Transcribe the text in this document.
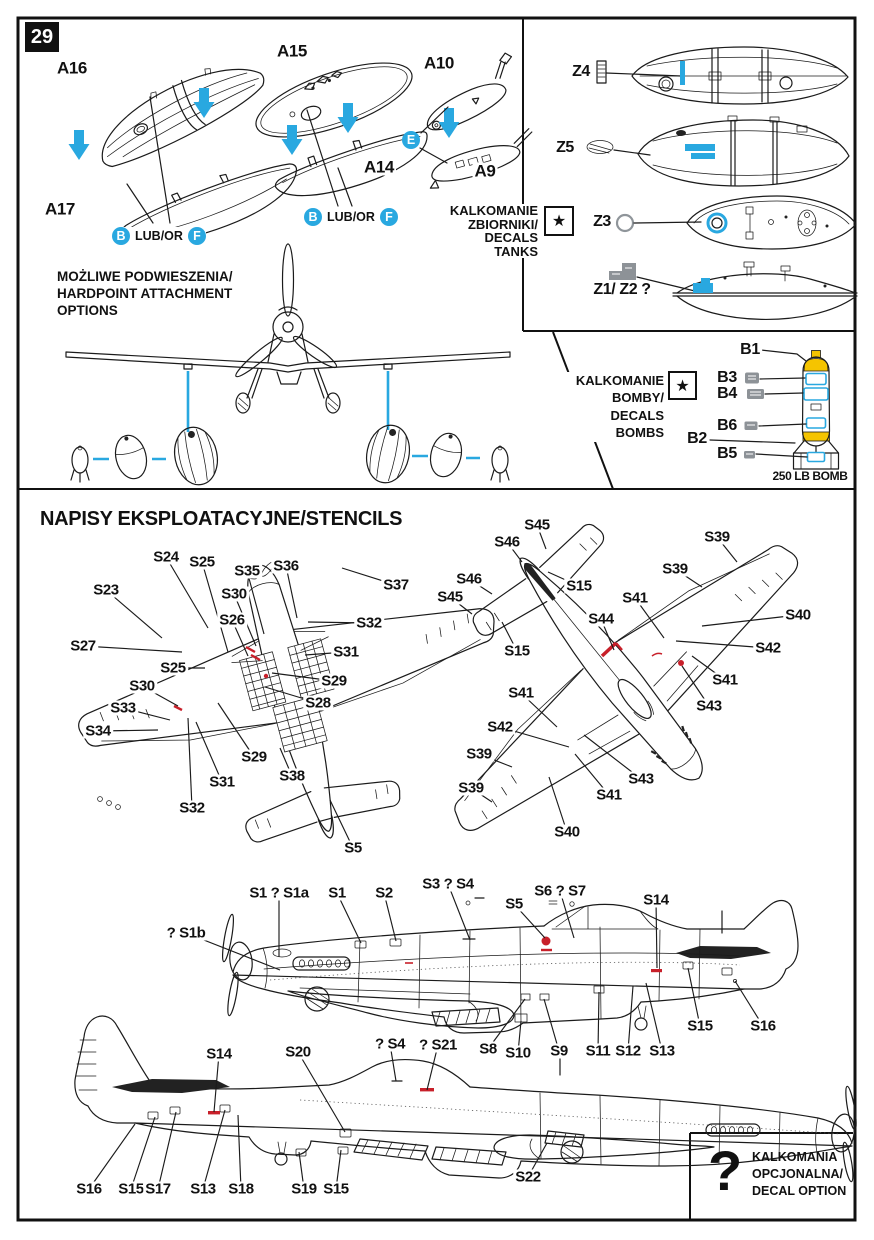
29
A16
A17
A15
A14
A10
A9
B LUB/OR F
B LUB/OR F
E
MOŻLIWE PODWIESZENIA/
HARDPOINT ATTACHMENT
OPTIONS
KALKOMANIE
ZBIORNIKI/
DECALS
TANKS
★
Z4
Z5
Z3
Z1/ Z2 ?
KALKOMANIE
BOMBY/
DECALS
BOMBS
★
B1
B3
B4
B6
B2
B5
250 LB BOMB
NAPISY EKSPLOATACYJNE/STENCILS
? KALKOMANIA
OPCJONALNA/
DECAL OPTION
S24 S25
S35 S36
S37
S23	S30
S26	S32
S27	S31
S25
S29
S30
S28
S33
S34
S29
S38
S31
S32
S5
S45
S46
S46
S45
S15
S15
S39
S39
S41
S44	S40
S42
S41
S43
S41
S42
S39
S39
S43
S41
S40
S1 ? S1a S1 S2
S3 ? S4
S5
S6 ? S7
S14
? S1b
S8 S10 S9 S11 S12 S13
S15	S16
S14	S20	? S4 ? S21
S16 S15 S17 S13 S18	S19 S15
S22
